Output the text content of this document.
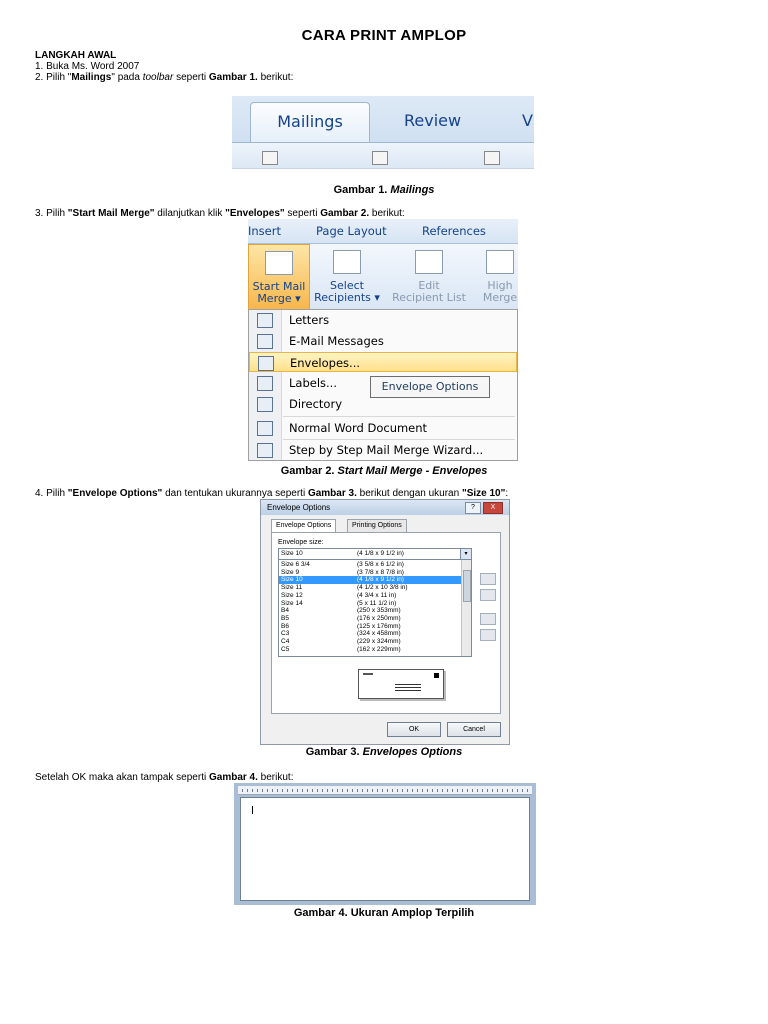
CARA PRINT AMPLOP
LANGKAH AWAL
1. Buka Ms. Word 2007
2. Pilih "Mailings" pada toolbar seperti Gambar 1. berikut:
Mailings	Review	V
Gambar 1. Mailings
3. Pilih "Start Mail Merge" dilanjutkan klik "Envelopes" seperti Gambar 2. berikut:
Insert	Page Layout	References
Start Mail
Merge ▾
Select
Recipients ▾
Edit
Recipient List
High
Merge
Letters
E-Mail Messages
Envelopes...
Labels...
Directory
Normal Word Document
Step by Step Mail Merge Wizard...
Envelope Options
Gambar 2. Start Mail Merge - Envelopes
4. Pilih "Envelope Options" dan tentukan ukurannya seperti Gambar 3. berikut dengan ukuran "Size 10":
Envelope Options	?	X
Envelope Options	Printing Options
Envelope size:
Size 10	(4 1/8 x 9 1/2 in)	▾
Size 6 3/4	(3 5/8 x 6 1/2 in)
Size 9	(3 7/8 x 8 7/8 in)
Size 10	(4 1/8 x 9 1/2 in)
Size 11	(4 1/2 x 10 3/8 in)
Size 12	(4 3/4 x 11 in)
Size 14	(5 x 11 1/2 in)
B4	(250 x 353mm)
B5	(176 x 250mm)
B6	(125 x 176mm)
C3	(324 x 458mm)
C4	(229 x 324mm)
C5	(162 x 229mm)
OK	Cancel
Gambar 3. Envelopes Options
Setelah OK maka akan tampak seperti Gambar 4. berikut:
Gambar 4. Ukuran Amplop Terpilih
